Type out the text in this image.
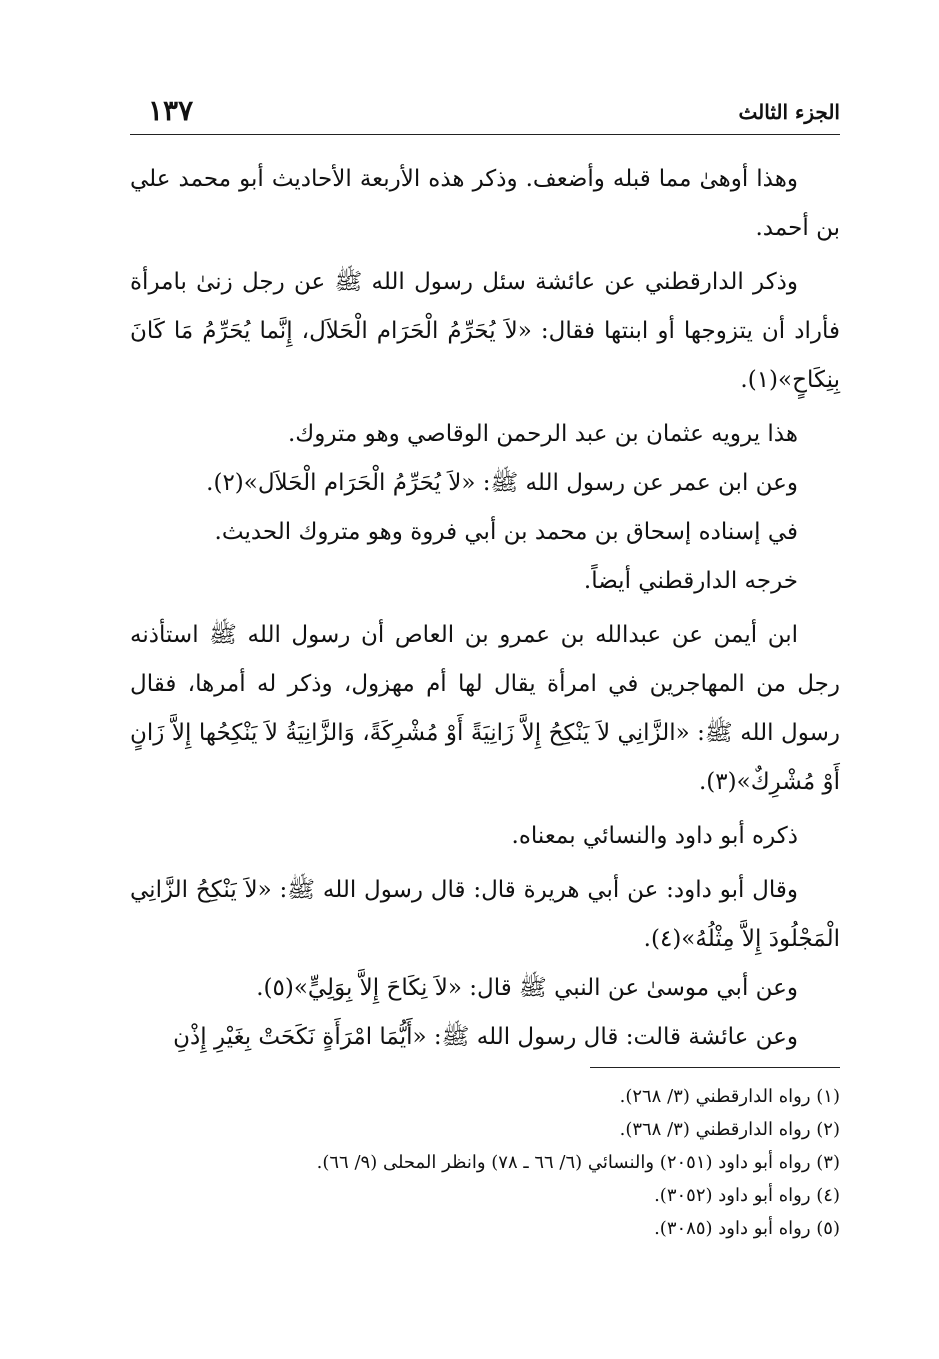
الجزء الثالث
١٣٧

وهذا أوهىٰ مما قبله وأضعف. وذكر هذه الأربعة الأحاديث أبو محمد علي بن أحمد.

وذكر الدارقطني عن عائشة سئل رسول الله ﷺ عن رجل زنىٰ بامرأة فأراد أن يتزوجها أو ابنتها فقال: «لاَ يُحَرِّمُ الْحَرَام الْحَلاَل، إِنَّما يُحَرِّمُ مَا كَانَ بِنِكَاحٍ»(١).

هذا يرويه عثمان بن عبد الرحمن الوقاصي وهو متروك.

وعن ابن عمر عن رسول الله ﷺ: «لاَ يُحَرِّمُ الْحَرَام الْحَلاَل»(٢).

في إسناده إسحاق بن محمد بن أبي فروة وهو متروك الحديث.

خرجه الدارقطني أيضاً.

ابن أيمن عن عبدالله بن عمرو بن العاص أن رسول الله ﷺ استأذنه رجل من المهاجرين في امرأة يقال لها أم مهزول، وذكر له أمرها، فقال رسول الله ﷺ: «الزَّانِي لاَ يَنْكِحُ إِلاَّ زَانِيَةً أَوْ مُشْرِكَةً، وَالزَّانِيَةُ لاَ يَنْكِحُها إِلاَّ زَانٍ أَوْ مُشْرِكٌ»(٣).

ذكره أبو داود والنسائي بمعناه.

وقال أبو داود: عن أبي هريرة قال: قال رسول الله ﷺ: «لاَ يَنْكِحُ الزَّانِي الْمَجْلُودَ إِلاَّ مِثْلُهُ»(٤).

وعن أبي موسىٰ عن النبي ﷺ قال: «لاَ نِكَاحَ إِلاَّ بِوَلِيٍّ»(٥).

وعن عائشة قالت: قال رسول الله ﷺ: «أَيُّمَا امْرَأَةٍ نَكَحَتْ بِغَيْرِ إِذْنِ

(١) رواه الدارقطني (٣/ ٢٦٨).
(٢) رواه الدارقطني (٣/ ٣٦٨).
(٣) رواه أبو داود (٢٠٥١) والنسائي (٦/ ٦٦ ـ ٧٨) وانظر المحلى (٩/ ٦٦).
(٤) رواه أبو داود (٣٠٥٢).
(٥) رواه أبو داود (٣٠٨٥).
